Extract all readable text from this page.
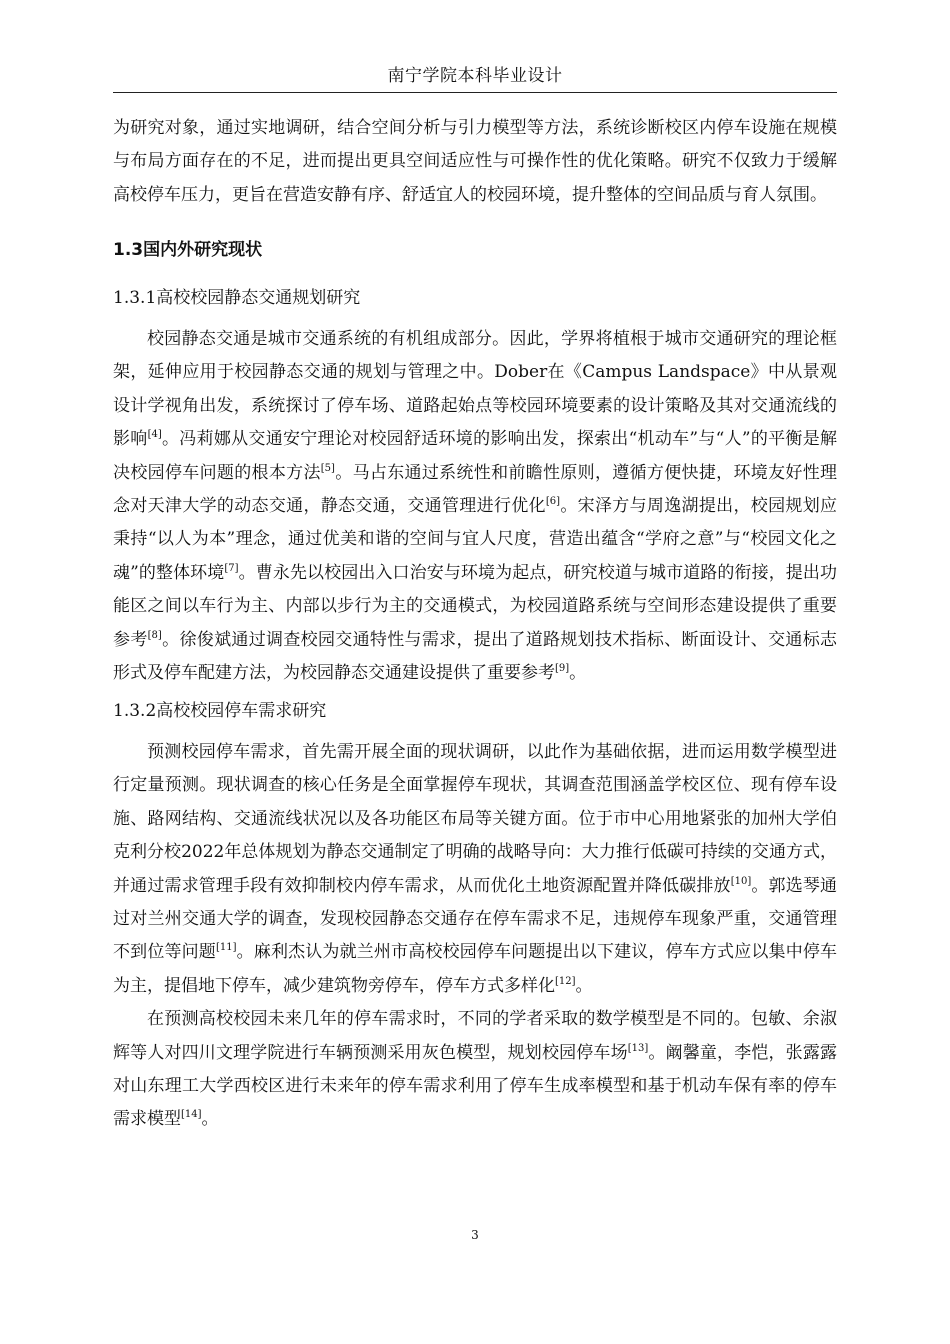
南宁学院本科毕业设计

为研究对象，通过实地调研，结合空间分析与引力模型等方法，系统诊断校区内停车设施在规模与布局方面存在的不足，进而提出更具空间适应性与可操作性的优化策略。研究不仅致力于缓解高校停车压力，更旨在营造安静有序、舒适宜人的校园环境，提升整体的空间品质与育人氛围。

1.3国内外研究现状

1.3.1高校校园静态交通规划研究

校园静态交通是城市交通系统的有机组成部分。因此，学界将植根于城市交通研究的理论框架，延伸应用于校园静态交通的规划与管理之中。Dober在《Campus Landspace》中从景观设计学视角出发，系统探讨了停车场、道路起始点等校园环境要素的设计策略及其对交通流线的影响[4]。冯莉娜从交通安宁理论对校园舒适环境的影响出发，探索出“机动车”与“人”的平衡是解决校园停车问题的根本方法[5]。马占东通过系统性和前瞻性原则，遵循方便快捷，环境友好性理念对天津大学的动态交通，静态交通，交通管理进行优化[6]。宋泽方与周逸湖提出，校园规划应秉持“以人为本”理念，通过优美和谐的空间与宜人尺度，营造出蕴含“学府之意”与“校园文化之魂”的整体环境[7]。曹永先以校园出入口治安与环境为起点，研究校道与城市道路的衔接，提出功能区之间以车行为主、内部以步行为主的交通模式，为校园道路系统与空间形态建设提供了重要参考[8]。徐俊斌通过调查校园交通特性与需求，提出了道路规划技术指标、断面设计、交通标志形式及停车配建方法，为校园静态交通建设提供了重要参考[9]。

1.3.2高校校园停车需求研究

预测校园停车需求，首先需开展全面的现状调研，以此作为基础依据，进而运用数学模型进行定量预测。现状调查的核心任务是全面掌握停车现状，其调查范围涵盖学校区位、现有停车设施、路网结构、交通流线状况以及各功能区布局等关键方面。位于市中心用地紧张的加州大学伯克利分校2022年总体规划为静态交通制定了明确的战略导向：大力推行低碳可持续的交通方式，并通过需求管理手段有效抑制校内停车需求，从而优化土地资源配置并降低碳排放[10]。郭选琴通过对兰州交通大学的调查，发现校园静态交通存在停车需求不足，违规停车现象严重，交通管理不到位等问题[11]。麻利杰认为就兰州市高校校园停车问题提出以下建议，停车方式应以集中停车为主，提倡地下停车，减少建筑物旁停车，停车方式多样化[12]。

在预测高校校园未来几年的停车需求时，不同的学者采取的数学模型是不同的。包敏、余淑辉等人对四川文理学院进行车辆预测采用灰色模型，规划校园停车场[13]。阚馨童，李恺，张露露对山东理工大学西校区进行未来年的停车需求利用了停车生成率模型和基于机动车保有率的停车需求模型[14]。

3
